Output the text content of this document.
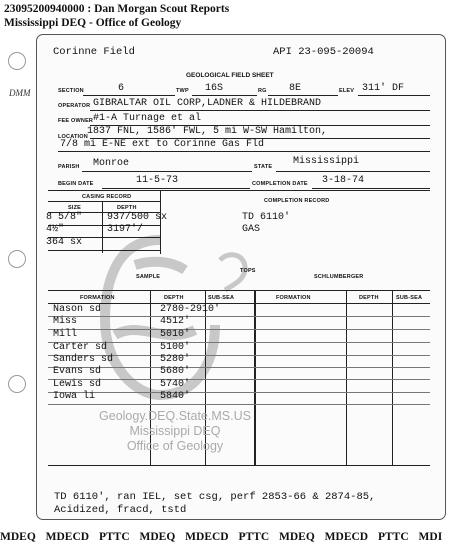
23095200940000 : Dan Morgan Scout Reports
Mississippi DEQ - Office of Geology
DMM
Corinne Field	API 23-095-20094
GEOLOGICAL FIELD SHEET
SECTION	6	TWP 16S	RG 8E	ELEV 311' DF
OPERATOR GIBRALTAR OIL CORP,LADNER & HILDEBRAND
FEE OWNER #1-A Turnage et al
LOCATION 1837 FNL, 1586' FWL, 5 mi W-SW Hamilton,
7/8 mi E-NE ext to Corinne Gas Fld
PARISH Monroe	STATE Mississippi
BEGIN DATE	11-5-73	COMPLETION DATE 3-18-74
CASING RECORD
COMPLETION RECORD
SIZE	DEPTH
8 5/8" 937/500 sx
4½"	3197'/
364 sx
TD 6110'
GAS
TOPS
SAMPLE	SCHLUMBERGER
FORMATION	DEPTH	SUB-SEA	FORMATION	DEPTH	SUB-SEA
Nason sd	2780-2910'
Miss	4512'
Mill	5010'
Carter sd	5100'
Sanders sd	5280'
Evans sd	5680'
Lewis sd	5740'
Iowa li	5840'
Geology.DEQ.State.MS.US
Mississippi DEQ
Office of Geology
TD 6110', ran IEL, set csg, perf 2853-66 & 2874-85,
Acidized, fracd, tstd
MDEQ MDECD PTTC MDEQ MDECD PTTC MDEQ MDECD PTTC MDI
